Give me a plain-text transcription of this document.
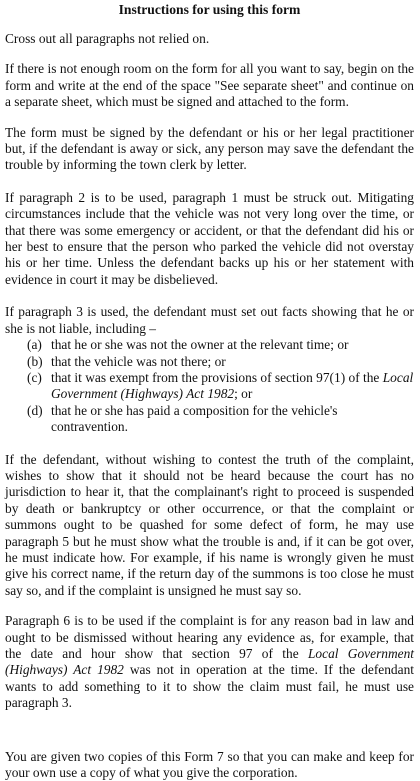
Instructions for using this form

Cross out all paragraphs not relied on.

If there is not enough room on the form for all you want to say, begin on the form and write at the end of the space "See separate sheet" and continue on a separate sheet, which must be signed and attached to the form.

The form must be signed by the defendant or his or her legal practitioner but, if the defendant is away or sick, any person may save the defendant the trouble by informing the town clerk by letter.

If paragraph 2 is to be used, paragraph 1 must be struck out. Mitigating circumstances include that the vehicle was not very long over the time, or that there was some emergency or accident, or that the defendant did his or her best to ensure that the person who parked the vehicle did not overstay his or her time. Unless the defendant backs up his or her statement with evidence in court it may be disbelieved.

If paragraph 3 is used, the defendant must set out facts showing that he or she is not liable, including –

(a) that he or she was not the owner at the relevant time; or
(b) that the vehicle was not there; or
(c) that it was exempt from the provisions of section 97(1) of the Local Government (Highways) Act 1982; or
(d) that he or she has paid a composition for the vehicle's contravention.

If the defendant, without wishing to contest the truth of the complaint, wishes to show that it should not be heard because the court has no jurisdiction to hear it, that the complainant's right to proceed is suspended by death or bankruptcy or other occurrence, or that the complaint or summons ought to be quashed for some defect of form, he may use paragraph 5 but he must show what the trouble is and, if it can be got over, he must indicate how. For example, if his name is wrongly given he must give his correct name, if the return day of the summons is too close he must say so, and if the complaint is unsigned he must say so.

Paragraph 6 is to be used if the complaint is for any reason bad in law and ought to be dismissed without hearing any evidence as, for example, that the date and hour show that section 97 of the Local Government (Highways) Act 1982 was not in operation at the time. If the defendant wants to add something to it to show the claim must fail, he must use paragraph 3.

You are given two copies of this Form 7 so that you can make and keep for your own use a copy of what you give the corporation.
